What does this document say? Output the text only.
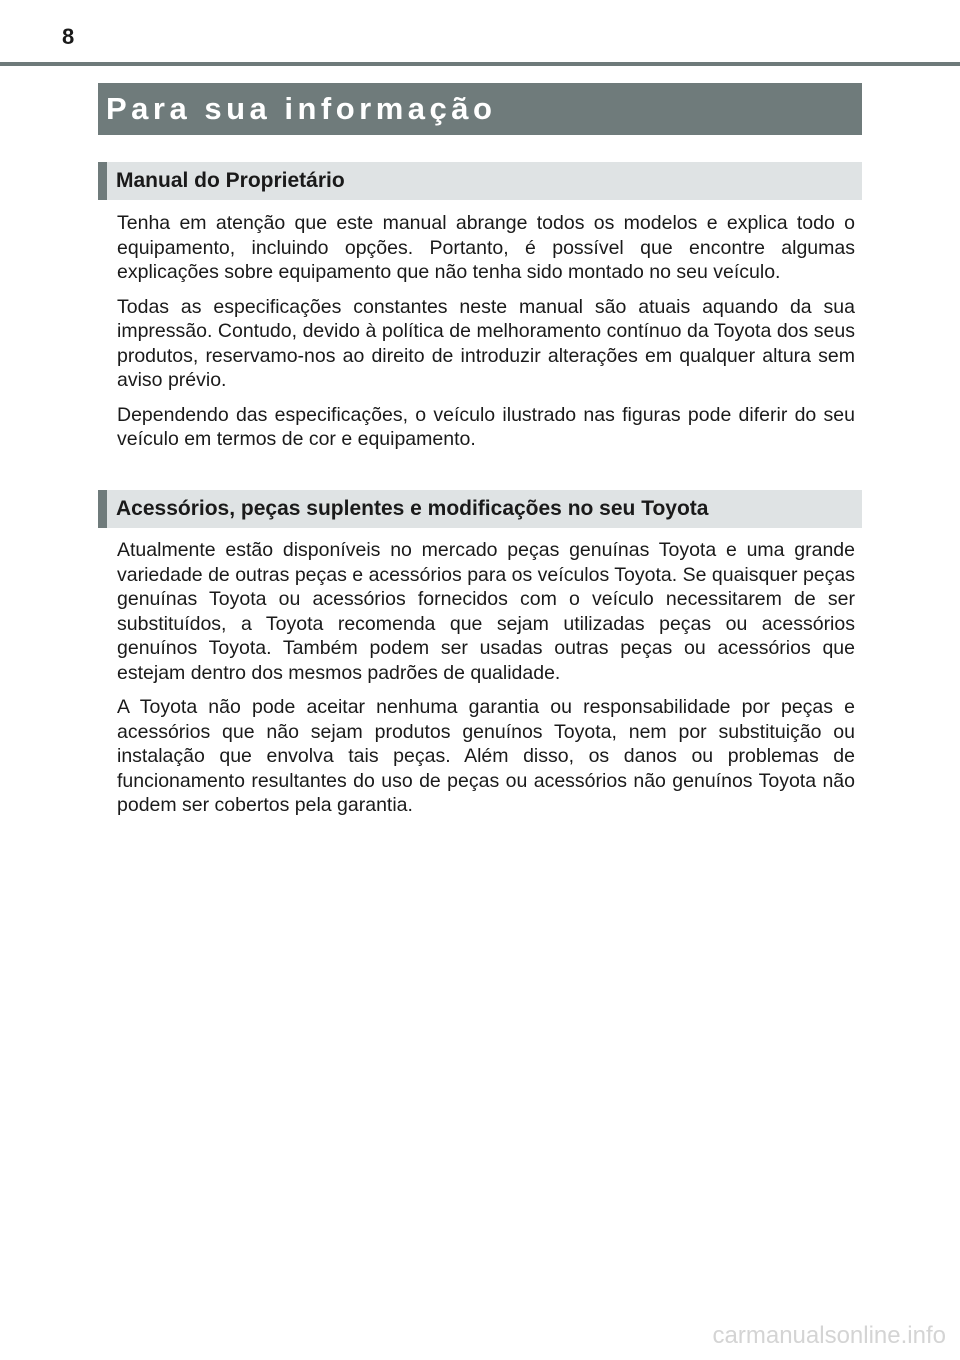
8
Para sua informação
Manual do Proprietário

Tenha em atenção que este manual abrange todos os modelos e explica todo o equipamento, incluindo opções. Portanto, é possível que encontre algumas explicações sobre equipamento que não tenha sido montado no seu veículo.

Todas as especificações constantes neste manual são atuais aquando da sua impressão. Contudo, devido à política de melhoramento contínuo da Toyota dos seus produtos, reservamo-nos ao direito de introduzir alterações em qualquer altura sem aviso prévio.

Dependendo das especificações, o veículo ilustrado nas figuras pode diferir do seu veículo em termos de cor e equipamento.

Acessórios, peças suplentes e modificações no seu Toyota

Atualmente estão disponíveis no mercado peças genuínas Toyota e uma grande variedade de outras peças e acessórios para os veículos Toyota. Se quaisquer peças genuínas Toyota ou acessórios fornecidos com o veículo necessitarem de ser substituídos, a Toyota recomenda que sejam utilizadas peças ou acessórios genuínos Toyota. Também podem ser usadas outras peças ou acessórios que estejam dentro dos mesmos padrões de qualidade.

A Toyota não pode aceitar nenhuma garantia ou responsabilidade por peças e acessórios que não sejam produtos genuínos Toyota, nem por substituição ou instalação que envolva tais peças. Além disso, os danos ou problemas de funcionamento resultantes do uso de peças ou acessórios não genuínos Toyota não podem ser cobertos pela garantia.

carmanualsonline.info
